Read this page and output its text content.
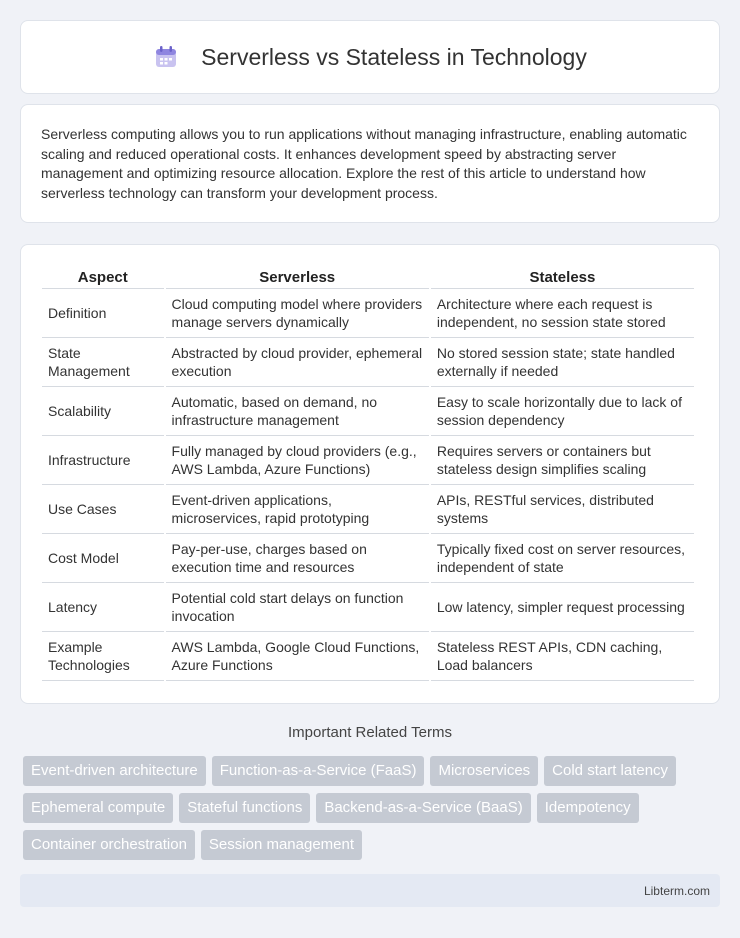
Serverless vs Stateless in Technology

Serverless computing allows you to run applications without managing infrastructure, enabling automatic scaling and reduced operational costs. It enhances development speed by abstracting server management and optimizing resource allocation. Explore the rest of this article to understand how serverless technology can transform your development process.

Aspect	Serverless	Stateless
Definition	Cloud computing model where providers manage servers dynamically	Architecture where each request is independent, no session state stored
State Management	Abstracted by cloud provider, ephemeral execution	No stored session state; state handled externally if needed
Scalability	Automatic, based on demand, no infrastructure management	Easy to scale horizontally due to lack of session dependency
Infrastructure	Fully managed by cloud providers (e.g., AWS Lambda, Azure Functions)	Requires servers or containers but stateless design simplifies scaling
Use Cases	Event-driven applications, microservices, rapid prototyping	APIs, RESTful services, distributed systems
Cost Model	Pay-per-use, charges based on execution time and resources	Typically fixed cost on server resources, independent of state
Latency	Potential cold start delays on function invocation	Low latency, simpler request processing
Example Technologies	AWS Lambda, Google Cloud Functions, Azure Functions	Stateless REST APIs, CDN caching, Load balancers
Important Related Terms
Event-driven architecture	Function-as-a-Service (FaaS)	Microservices	Cold start latency
Ephemeral compute	Stateful functions	Backend-as-a-Service (BaaS)	Idempotency
Container orchestration	Session management
Libterm.com
